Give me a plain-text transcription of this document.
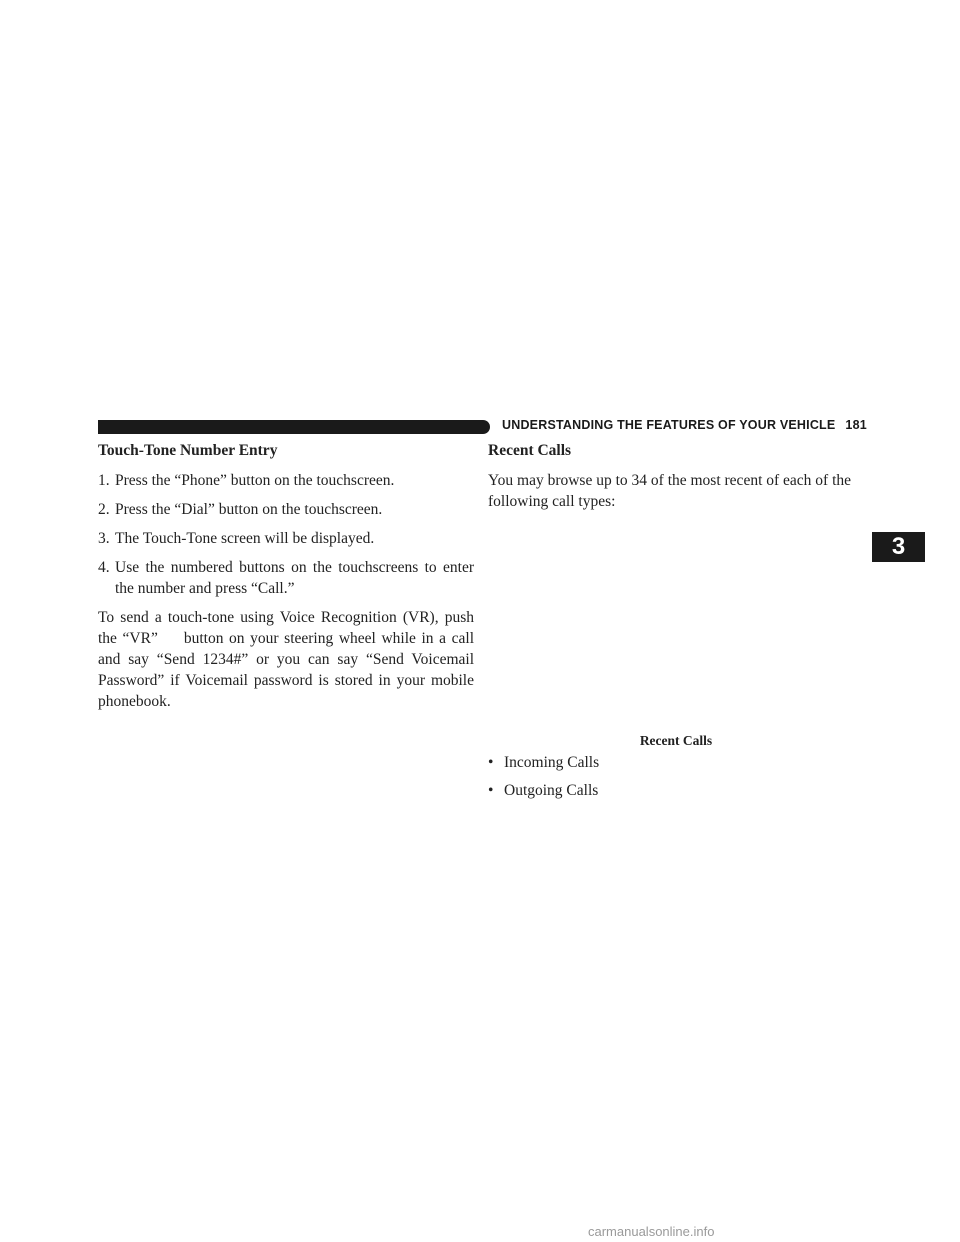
UNDERSTANDING THE FEATURES OF YOUR VEHICLE 181
3
Touch-Tone Number Entry
1. Press the “Phone” button on the touchscreen.
2. Press the “Dial” button on the touchscreen.
3. The Touch-Tone screen will be displayed.
4. Use the numbered buttons on the touchscreens to enter the number and press “Call.”

To send a touch-tone using Voice Recognition (VR), push the “VR” button on your steering wheel while in a call and say “Send 1234#” or you can say “Send Voicemail Password” if Voicemail password is stored in your mobile phonebook.

Recent Calls

You may browse up to 34 of the most recent of each of the following call types:

Recent Calls
• Incoming Calls
• Outgoing Calls
carmanualsonline.info
